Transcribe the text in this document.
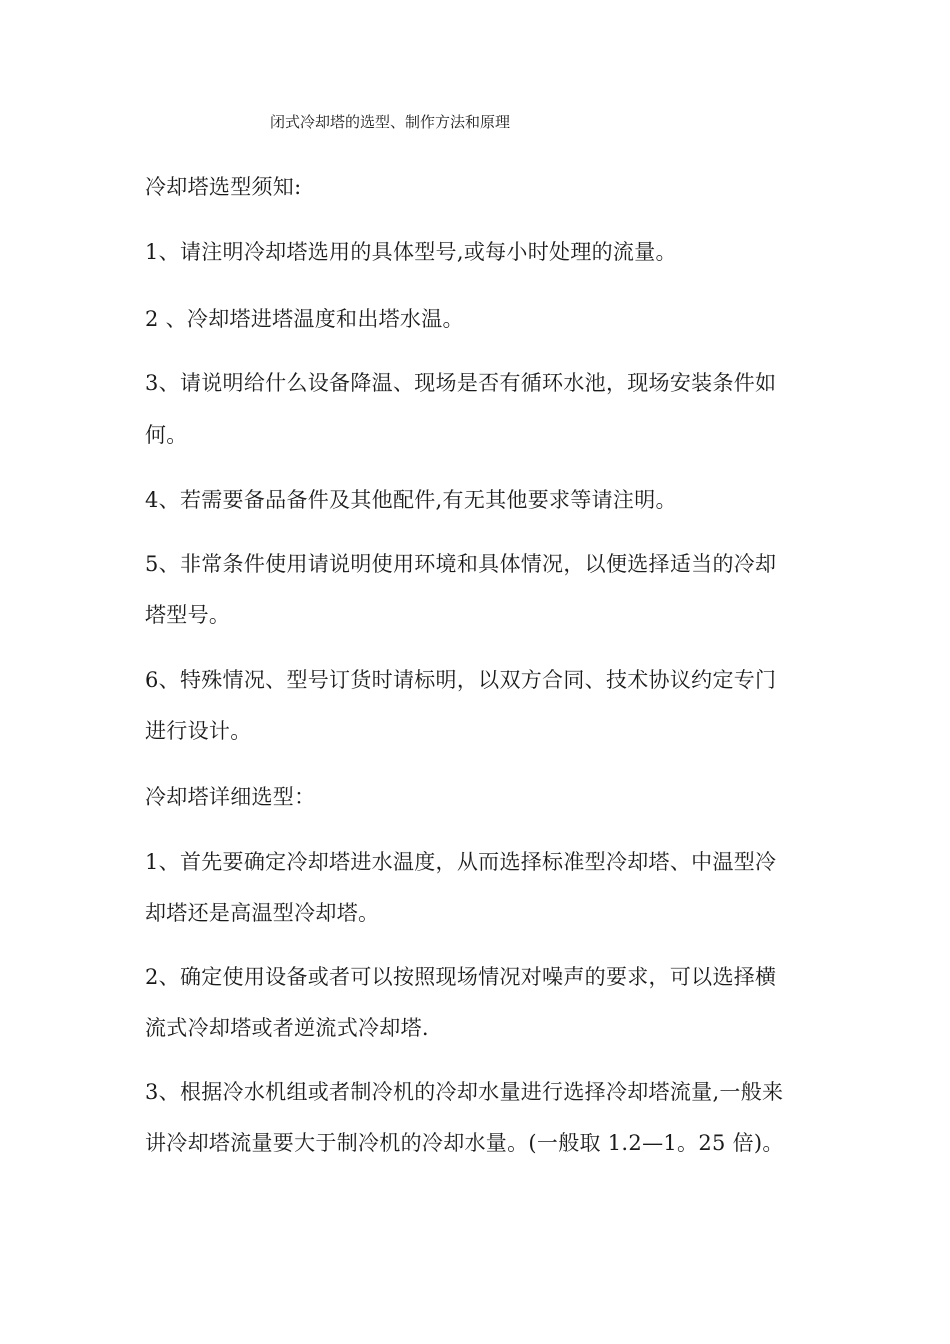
闭式冷却塔的选型、制作方法和原理
冷却塔选型须知:
1、请注明冷却塔选用的具体型号,或每小时处理的流量。
2 、冷却塔进塔温度和出塔水温。
3、请说明给什么设备降温、现场是否有循环水池，现场安装条件如
何。
4、若需要备品备件及其他配件,有无其他要求等请注明。
5、非常条件使用请说明使用环境和具体情况，以便选择适当的冷却
塔型号。
6、特殊情况、型号订货时请标明，以双方合同、技术协议约定专门
进行设计。
冷却塔详细选型：
1、首先要确定冷却塔进水温度，从而选择标准型冷却塔、中温型冷
却塔还是高温型冷却塔。
2、确定使用设备或者可以按照现场情况对噪声的要求，可以选择横
流式冷却塔或者逆流式冷却塔.
3、根据冷水机组或者制冷机的冷却水量进行选择冷却塔流量,一般来
讲冷却塔流量要大于制冷机的冷却水量。(一般取 1.2—1。25 倍)。
